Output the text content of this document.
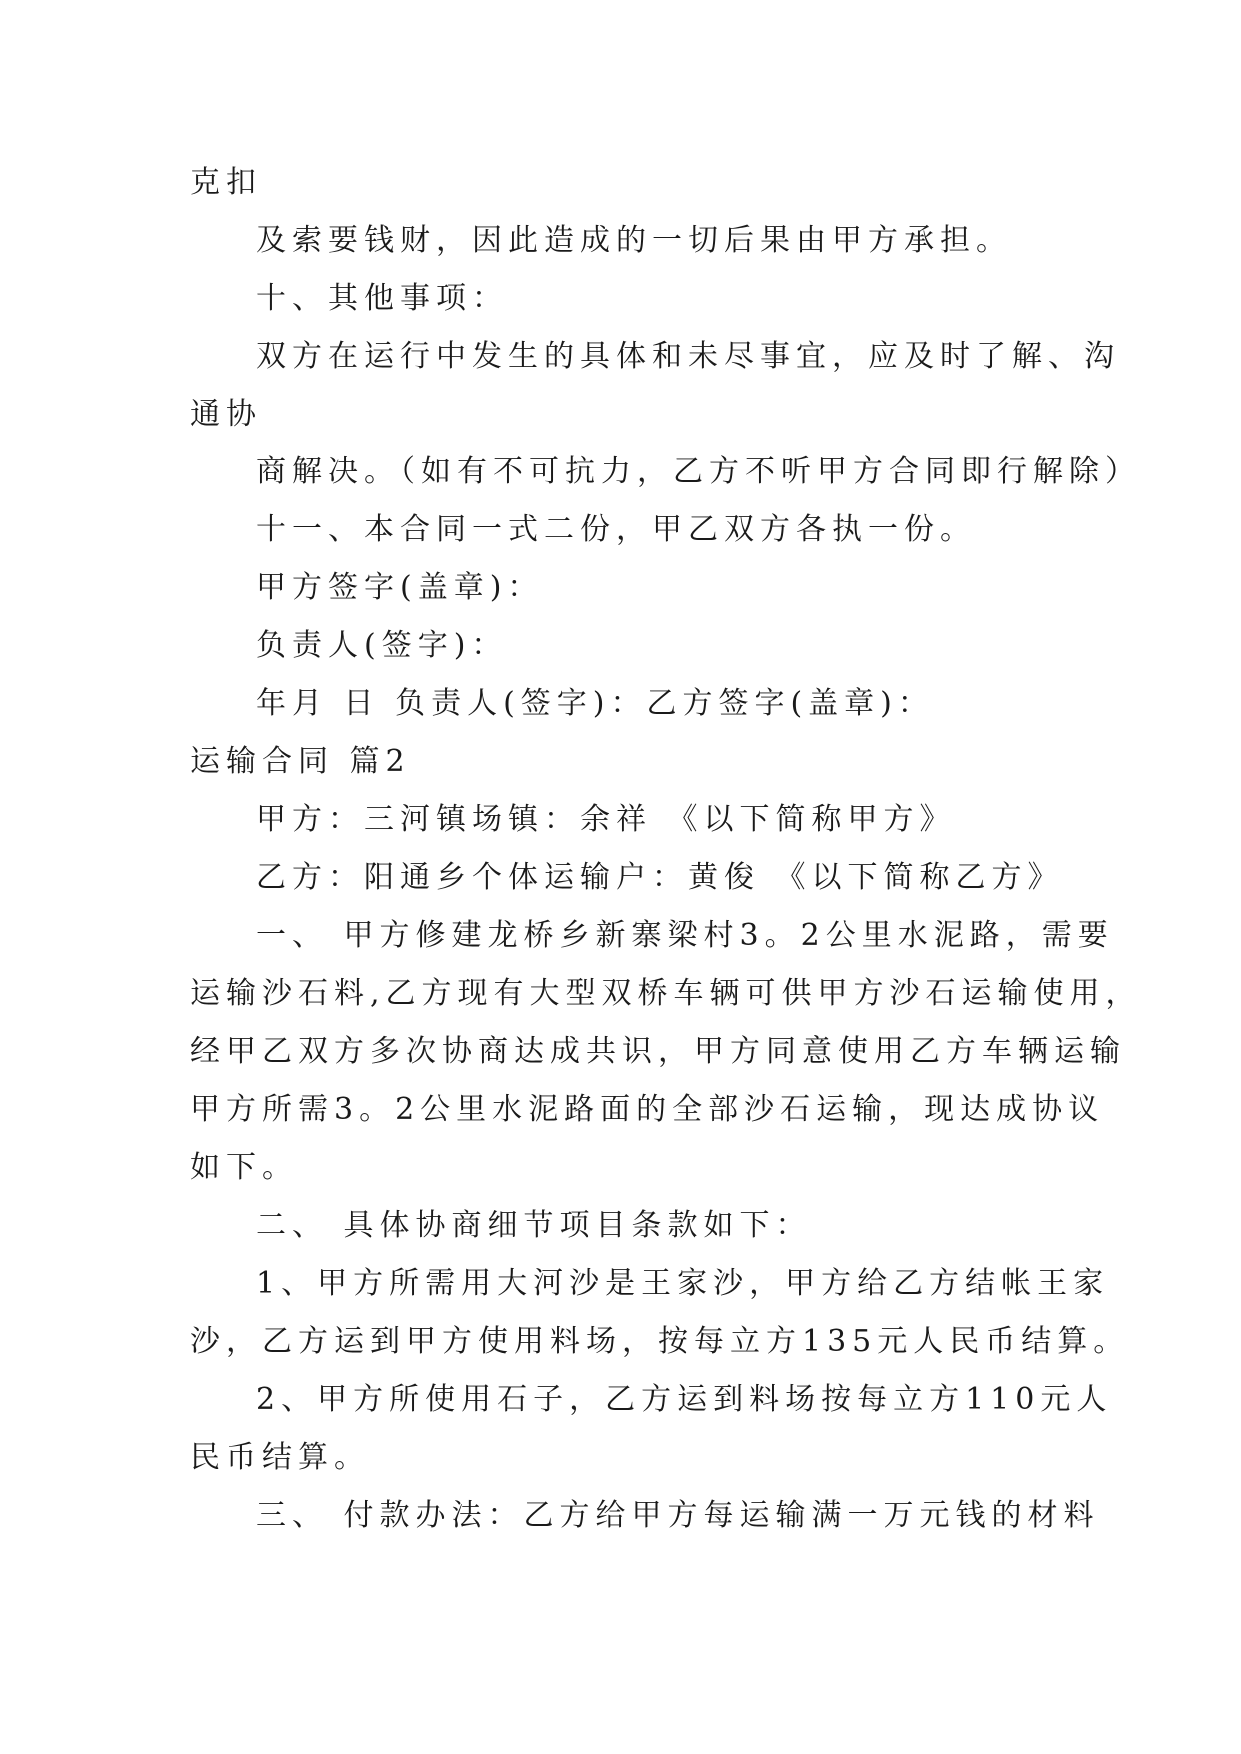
克扣
及索要钱财，因此造成的一切后果由甲方承担。
十、其他事项：
双方在运行中发生的具体和未尽事宜，应及时了解、沟
通协
商解决。（如有不可抗力，乙方不听甲方合同即行解除）
十一、本合同一式二份，甲乙双方各执一份。
甲方签字(盖章)：
负责人(签字)：
年月 日 负责人(签字)：乙方签字(盖章)：
运输合同 篇2
甲方：三河镇场镇：余祥 《以下简称甲方》
乙方：阳通乡个体运输户：黄俊 《以下简称乙方》
一、 甲方修建龙桥乡新寨梁村3。2公里水泥路，需要
运输沙石料,乙方现有大型双桥车辆可供甲方沙石运输使用，
经甲乙双方多次协商达成共识，甲方同意使用乙方车辆运输
甲方所需3。2公里水泥路面的全部沙石运输，现达成协议
如下。
二、 具体协商细节项目条款如下：
1、甲方所需用大河沙是王家沙，甲方给乙方结帐王家
沙，乙方运到甲方使用料场，按每立方135元人民币结算。
2、甲方所使用石子，乙方运到料场按每立方110元人
民币结算。
三、 付款办法：乙方给甲方每运输满一万元钱的材料
